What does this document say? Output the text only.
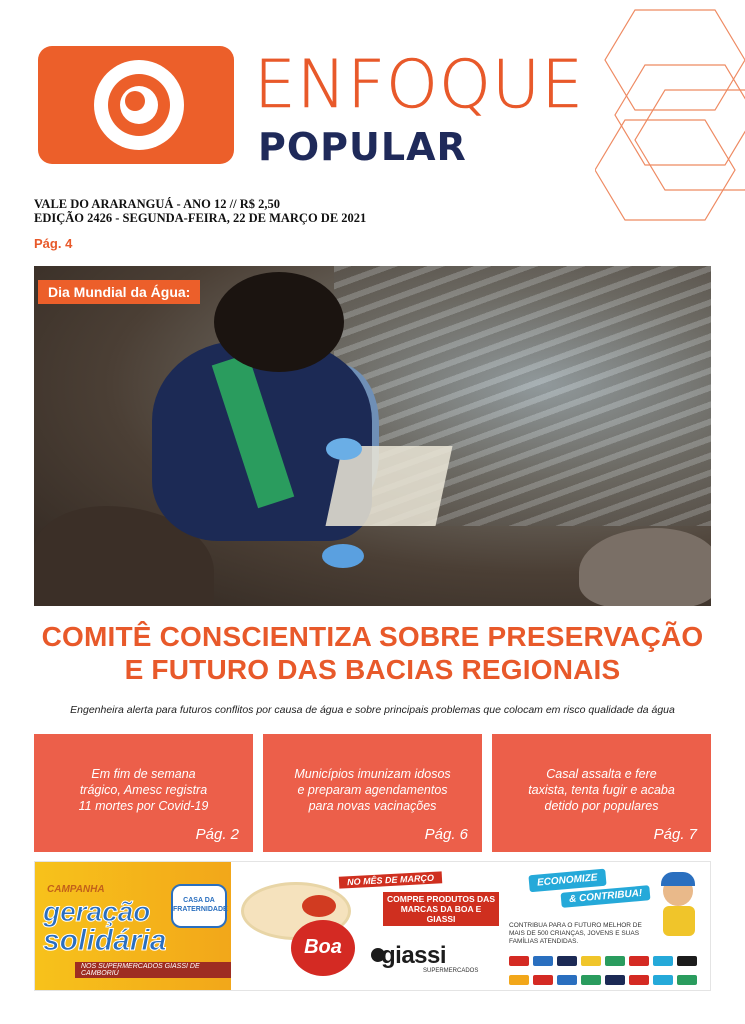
ENFOQUE
POPULAR
VALE DO ARARANGUÁ - ANO 12 // R$ 2,50
EDIÇÃO 2426 - SEGUNDA-FEIRA, 22 DE MARÇO DE 2021
Pág. 4
Dia Mundial da Água:
COMITÊ CONSCIENTIZA SOBRE PRESERVAÇÃO
E FUTURO DAS BACIAS REGIONAIS
Engenheira alerta para futuros conflitos por causa de água e sobre principais problemas que colocam em risco qualidade da água
Em fim de semana
trágico, Amesc registra
11 mortes por Covid-19
Pág. 2
Municípios imunizam idosos
e preparam agendamentos
para novas vacinações
Pág. 6
Casal assalta e fere
taxista, tenta fugir e acaba
detido por populares
Pág. 7
CAMPANHA
geração
solidária
NOS SUPERMERCADOS GIASSI DE CAMBORIÚ
CASA DA
FRATERNIDADE
NO MÊS DE MARÇO
COMPRE PRODUTOS DAS
MARCAS DA BOA E GIASSI
Boa	giassi
SUPERMERCADOS
ECONOMIZE
& CONTRIBUA!
CONTRIBUA PARA O FUTURO MELHOR DE MAIS DE 500 CRIANÇAS, JOVENS E SUAS FAMÍLIAS ATENDIDAS.
